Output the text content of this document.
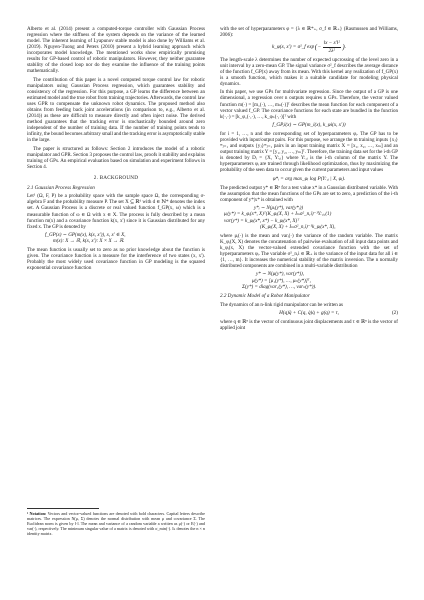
Alberto et al. (2014) present a computed-torque controller with Gaussian Process regression where the stiffness of the system depends on the variance of the learned model. The inherent learning of Lyapunov stable model is also done by Williams et al. (2019). Nguyen-Tuong and Peters (2010) present a hybrid learning approach which incorporates model knowledge. The mentioned works show empirically promising results for GP-based control of robotic manipulators. However, they neither guarantee stability of the closed loop nor do they examine the influence of the training points mathematically.

The contribution of this paper is a novel computed torque control law for robotic manipulators using Gaussian Process regression, which guarantees stability and consistency of the regression. For this purpose, a GP learns the difference between an estimated model and the true robot from training trajectories. Afterwards, the control law uses GPR to compensate the unknown robot dynamics. The proposed method also obtains from feeding back joint accelerations (in comparison to, e.g., Alberto et al. (2014)) as these are difficult to measure directly and often inject noise. The derived method guarantees that the tracking error is stochastically bounded around zero independent of the number of training data. If the number of training points tends to infinity, the bound becomes arbitrary small and the tracking error is asymptotically stable in the large.

The paper is structured as follows: Section 2 introduces the model of a robotic manipulator and GPR. Section 3 proposes the control law, proofs it stability and explains training of GPs. An empirical evaluation based on simulation and experiment follows in Section 4.

2. BACKGROUND
2.1 Gaussian Process Regression

Let¹ (Ω, F, P) be a probability space with the sample space Ω, the corresponding σ-algebra F and the probability measure P. The set X ⊆ ℝᵈ with d ∈ ℕ* denotes the index set. A Gaussian Process is a discrete or real valued function f_GP(x, ω) which is a measurable function of ω ∈ Ω with x ∈ X. The process is fully described by a mean function m(x) and a covariance function k(x, x') since it is Gaussian distributed for any fixed x. The GP is denoted by

f_GP(x) ∼ GP(m(x), k(x, x')), x, x' ∈ X,
m(x): X → ℝ, k(x, x'): X × X → ℝ.

The mean function is usually set to zero as no prior knowledge about the function is given. The covariance function is a measure for the interference of two states (x, x'). Probably the most widely used covariance function in GP modeling is the squared exponential covariance function

¹ Notation: Vectors and vector-valued functions are denoted with bold characters. Capital letters describe matrices. The expression N(μ, Σ) denotes the normal distribution with mean μ and covariance Σ. The Euclidean norm is given by ‖·‖. The mean and variance of a random variable a written as μ(·) or E(·) and var(·), respectively. The minimum singular value of a matrix is denoted with σ_min(·). Iₙ denotes the n × n identity matrix.

with the set of hyperparameters φ = {λ ∈ ℝ*₊, σ_f ∈ ℝ₊} (Rasmussen and Williams, 2006):

k_φ(x, x') = σ²_f exp ( − $\frac{\text{‖x − x'‖²}}{\text{2λ²}}$ ) .

The length-scale λ determines the number of expected upcrossing of the level zero in a unit interval by a zero-mean GP. The signal variance σ²_f describes the average distance of the function f_GP(x) away from its mean. With this kernel any realization of f_GP(x) is a smooth function, which makes it a suitable candidate for modeling physical dynamics.

In this paper, we use GPs for multivariate regression. Since the output of a GP is one dimensional, a regression over n outputs requires n GPs. Therefore, the vector valued function m(·) = [m₁(·), …, mₙ(·)]ᵀ describes the mean function for each component of a vector valued f_GP. The covariance functions for each state are bundled in the function k(·,·) = [k_φ₁(·,·), …, k_φₙ(·,·)]ᵀ with

f_GP,i(x) ∼ GP(m_i(x), k_φi(x, x'))

for i = 1, …, n and the corresponding set of hyperparameters φᵢ. The GP has to be provided with input/output pairs. For this purpose, we arrange the m training inputs {xⱼ}ᵐⱼ₌₁ and outputs {yⱼ}ᵐⱼ₌₁ pairs in an input training matrix X = [x₁, x₂, …, xₘ] and an output training matrix Y = [y₁, y₂, …, yₘ]ᵀ. Therefore, the training data set for the i-th GP is denoted by Dᵢ = {X, Y:,ᵢ} where Y:,ᵢ is the i-th column of the matrix Y. The hyperparameters φᵢ are trained through likelihood optimization, thus by maximizing the probability of the seen data to occur given the current parameters and input values

φ*ᵢ = arg max_φᵢ log P(Y:,ᵢ | X, φᵢ).

The predicted output y* ∈ ℝⁿ for a test value x* in a Gaussian distributed variable. With the assumption that the mean functions of the GPs are set to zero, a prediction of the i-th component of y*|x* is obtained with

y*ᵢ ∼ N(μᵢ(y*), var(y*ᵢ))
μᵢ(y*) = k_φᵢ(x*, X)ᵀ(K_φᵢ(X, X) + Iₘσ²_n,i)⁻¹Y:,ᵢ,(1)
var(y*) = k_φᵢ(x*, x*) − k_φᵢ(x*, X)ᵀ
(K_φᵢ(X, X) + Iₘσ²_n,i)⁻¹k_φᵢ(x*, X),

where μᵢ(·) is the mean and varᵢ(·) the variance of the random variable. The matrix K_φᵢ(X, X) denotes the concatenation of pairwise evaluation of all input data points and k_φᵢ(x, X) the vector-valued extended covariance function with the set of hyperparameters φᵢ. The variable σ²_n,i ∈ ℝ₊ is the variance of the input data for all i ∈ {1, …, m}. It increases the numerical stability of the matrix inversion. The n normally distributed components are combined in a multi-variable distribution

y* ∼ N(μ(y*), var(y*)),
μ(y*) = [μ₁(y*), …, μₙ(y*)]ᵀ,
Σ(y*) = diag(var₁(y*), …, varₙ(y*)).
2.2 Dynamic Model of a Robot Manipulator

The dynamics of an n-link rigid manipulator can be written as

H(q)q̈ + C(q, q̇)q̇ + g(q) = τ,	(2)

where q ∈ ℝⁿ is the vector of continuous joint displacements and τ ∈ ℝⁿ is the vector of applied joint
